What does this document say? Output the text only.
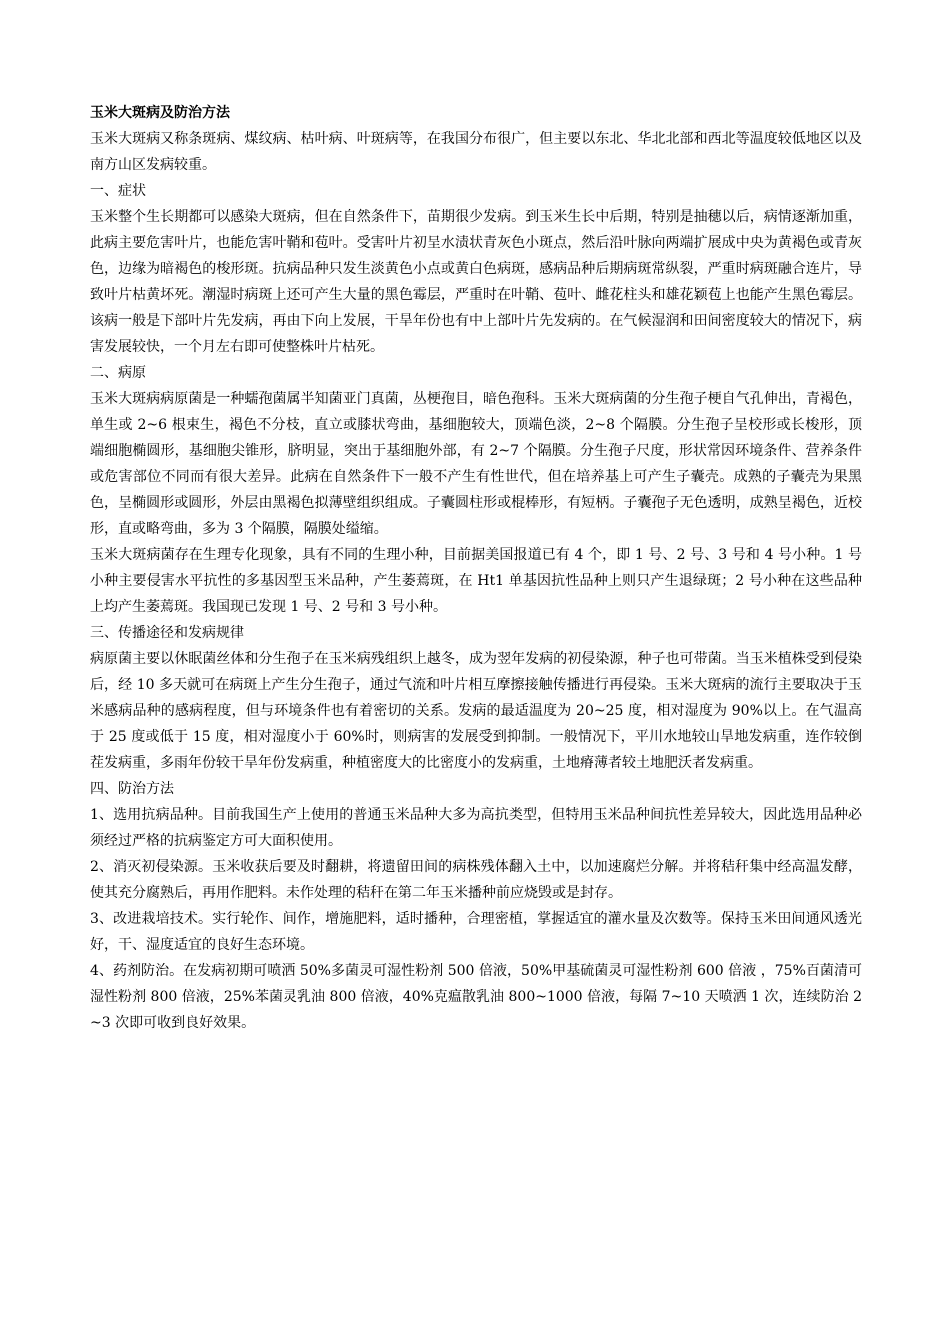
玉米大斑病及防治方法

玉米大斑病又称条斑病、煤纹病、枯叶病、叶斑病等，在我国分布很广，但主要以东北、华北北部和西北等温度较低地区以及南方山区发病较重。

一、症状

玉米整个生长期都可以感染大斑病，但在自然条件下，苗期很少发病。到玉米生长中后期，特别是抽穗以后，病情逐渐加重，此病主要危害叶片，也能危害叶鞘和苞叶。受害叶片初呈水渍状青灰色小斑点，然后沿叶脉向两端扩展成中央为黄褐色或青灰色，边缘为暗褐色的梭形斑。抗病品种只发生淡黄色小点或黄白色病斑，感病品种后期病斑常纵裂，严重时病斑融合连片，导致叶片枯黄坏死。潮湿时病斑上还可产生大量的黑色霉层，严重时在叶鞘、苞叶、雌花柱头和雄花颖苞上也能产生黑色霉层。该病一般是下部叶片先发病，再由下向上发展，干旱年份也有中上部叶片先发病的。在气候湿润和田间密度较大的情况下，病害发展较快，一个月左右即可使整株叶片枯死。

二、病原

玉米大斑病病原菌是一种蠕孢菌属半知菌亚门真菌，丛梗孢目，暗色孢科。玉米大斑病菌的分生孢子梗自气孔伸出，青褐色，单生或 2~6 根束生，褐色不分枝，直立或膝状弯曲，基细胞较大，顶端色淡，2~8 个隔膜。分生孢子呈校形或长梭形，顶端细胞椭圆形，基细胞尖锥形，脐明显，突出于基细胞外部，有 2~7 个隔膜。分生孢子尺度，形状常因环境条件、营养条件或危害部位不同而有很大差异。此病在自然条件下一般不产生有性世代，但在培养基上可产生子囊壳。成熟的子囊壳为果黑色，呈椭圆形或圆形，外层由黑褐色拟薄壁组织组成。子囊圆柱形或棍棒形，有短柄。子囊孢子无色透明，成熟呈褐色，近校形，直或略弯曲，多为 3 个隔膜，隔膜处缢缩。

玉米大斑病菌存在生理专化现象，具有不同的生理小种，目前据美国报道已有 4 个，即 1 号、2 号、3 号和 4 号小种。1 号小种主要侵害水平抗性的多基因型玉米品种，产生萎蔫斑，在 Ht1 单基因抗性品种上则只产生退绿斑；2 号小种在这些品种上均产生萎蔫斑。我国现已发现 1 号、2 号和 3 号小种。

三、传播途径和发病规律

病原菌主要以休眠菌丝体和分生孢子在玉米病残组织上越冬，成为翌年发病的初侵染源，种子也可带菌。当玉米植株受到侵染后，经 10 多天就可在病斑上产生分生孢子，通过气流和叶片相互摩擦接触传播进行再侵染。玉米大斑病的流行主要取决于玉米感病品种的感病程度，但与环境条件也有着密切的关系。发病的最适温度为 20~25 度，相对湿度为 90%以上。在气温高于 25 度或低于 15 度，相对湿度小于 60%时，则病害的发展受到抑制。一般情况下，平川水地较山旱地发病重，连作较倒茬发病重，多雨年份较干旱年份发病重，种植密度大的比密度小的发病重，土地瘠薄者较土地肥沃者发病重。

四、防治方法

1、选用抗病品种。目前我国生产上使用的普通玉米品种大多为高抗类型，但特用玉米品种间抗性差异较大，因此选用品种必须经过严格的抗病鉴定方可大面积使用。

2、消灭初侵染源。玉米收获后要及时翻耕，将遗留田间的病株残体翻入土中，以加速腐烂分解。并将秸秆集中经高温发酵，使其充分腐熟后，再用作肥料。未作处理的秸秆在第二年玉米播种前应烧毁或是封存。

3、改进栽培技术。实行轮作、间作，增施肥料，适时播种，合理密植，掌握适宜的灌水量及次数等。保持玉米田间通风透光好，干、湿度适宜的良好生态环境。

4、药剂防治。在发病初期可喷洒 50%多菌灵可湿性粉剂 500 倍液，50%甲基硫菌灵可湿性粉剂 600 倍液 ，75%百菌清可湿性粉剂 800 倍液，25%苯菌灵乳油 800 倍液，40%克瘟散乳油 800~1000 倍液，每隔 7~10 天喷洒 1 次，连续防治 2~3 次即可收到良好效果。
